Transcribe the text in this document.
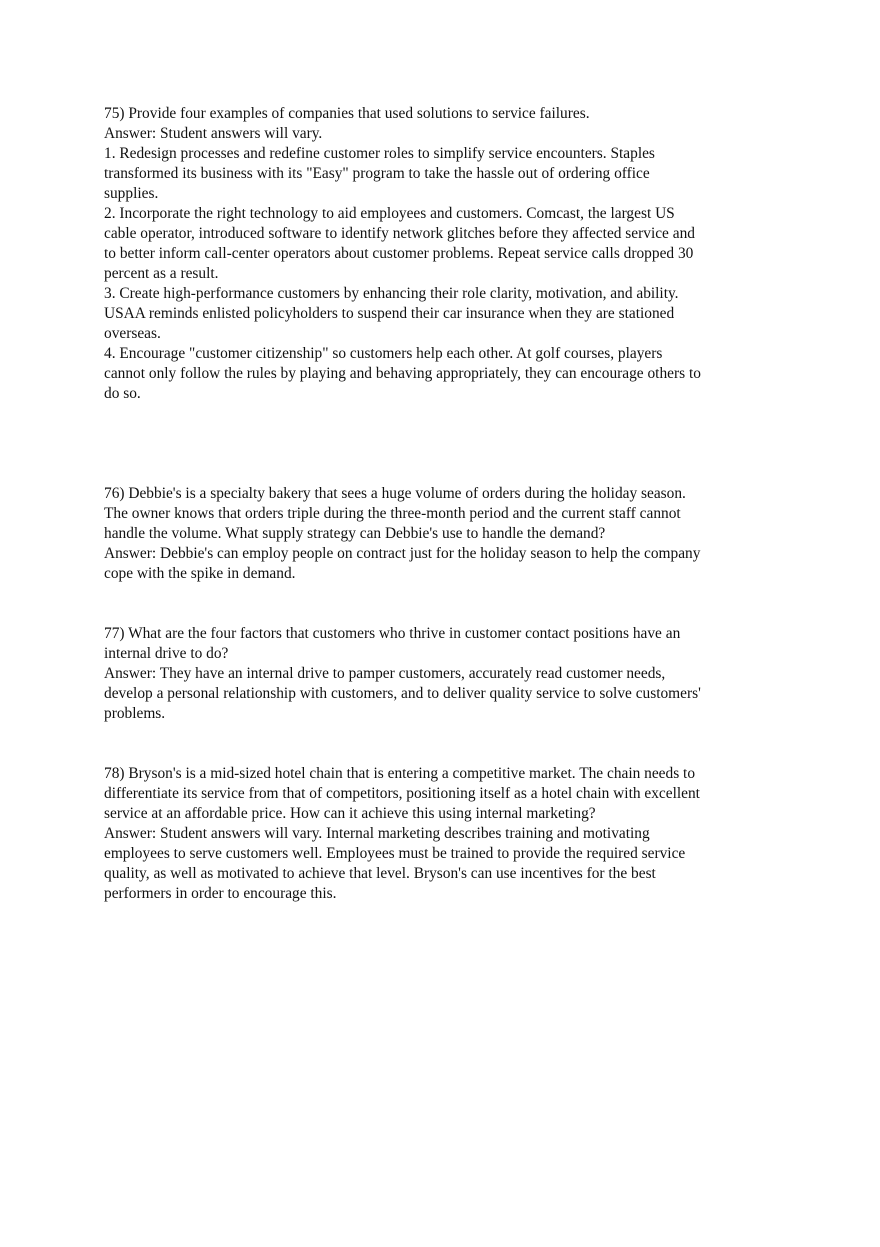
75) Provide four examples of companies that used solutions to service failures.
Answer: Student answers will vary.
1. Redesign processes and redefine customer roles to simplify service encounters. Staples
transformed its business with its "Easy" program to take the hassle out of ordering office
supplies.
2. Incorporate the right technology to aid employees and customers. Comcast, the largest US
cable operator, introduced software to identify network glitches before they affected service and
to better inform call-center operators about customer problems. Repeat service calls dropped 30
percent as a result.
3. Create high-performance customers by enhancing their role clarity, motivation, and ability.
USAA reminds enlisted policyholders to suspend their car insurance when they are stationed
overseas.
4. Encourage "customer citizenship" so customers help each other. At golf courses, players
cannot only follow the rules by playing and behaving appropriately, they can encourage others to
do so.
76) Debbie's is a specialty bakery that sees a huge volume of orders during the holiday season.
The owner knows that orders triple during the three-month period and the current staff cannot
handle the volume. What supply strategy can Debbie's use to handle the demand?
Answer: Debbie's can employ people on contract just for the holiday season to help the company
cope with the spike in demand.
77) What are the four factors that customers who thrive in customer contact positions have an
internal drive to do?
Answer: They have an internal drive to pamper customers, accurately read customer needs,
develop a personal relationship with customers, and to deliver quality service to solve customers'
problems.
78) Bryson's is a mid-sized hotel chain that is entering a competitive market. The chain needs to
differentiate its service from that of competitors, positioning itself as a hotel chain with excellent
service at an affordable price. How can it achieve this using internal marketing?
Answer: Student answers will vary. Internal marketing describes training and motivating
employees to serve customers well. Employees must be trained to provide the required service
quality, as well as motivated to achieve that level. Bryson's can use incentives for the best
performers in order to encourage this.
